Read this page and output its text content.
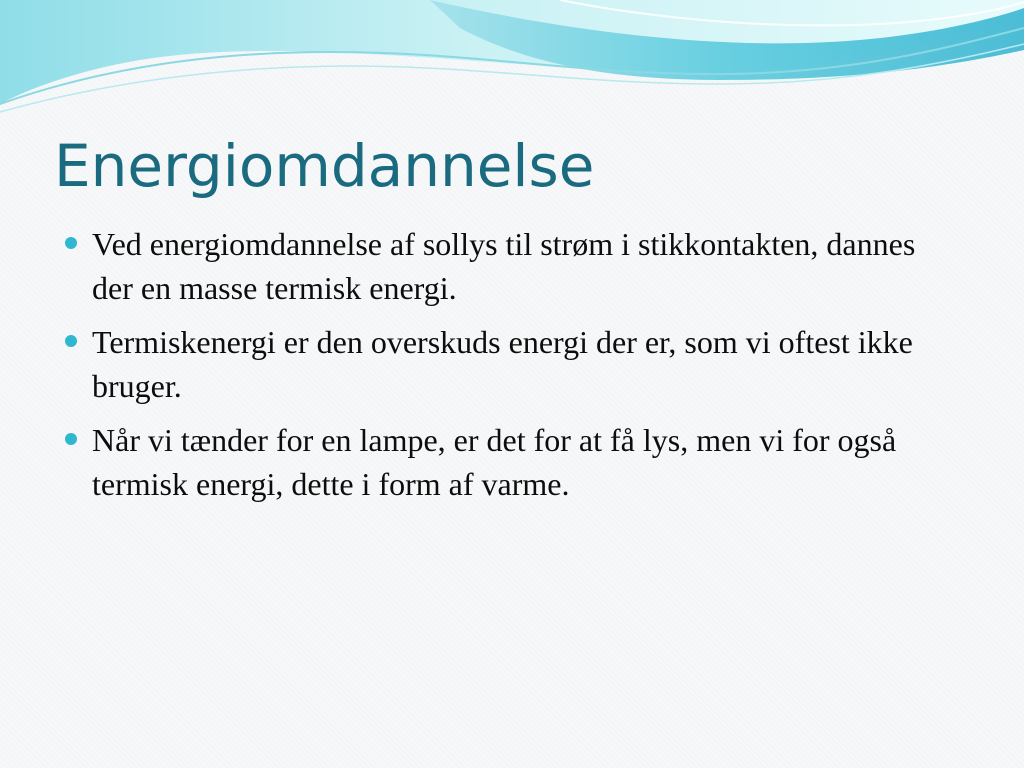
Energiomdannelse
Ved energiomdannelse af sollys til strøm i stikkontakten, dannes der en masse termisk energi.
Termiskenergi er den overskuds energi der er, som vi oftest ikke bruger.
Når vi tænder for en lampe, er det for at få lys, men vi for også termisk energi, dette i form af varme.
